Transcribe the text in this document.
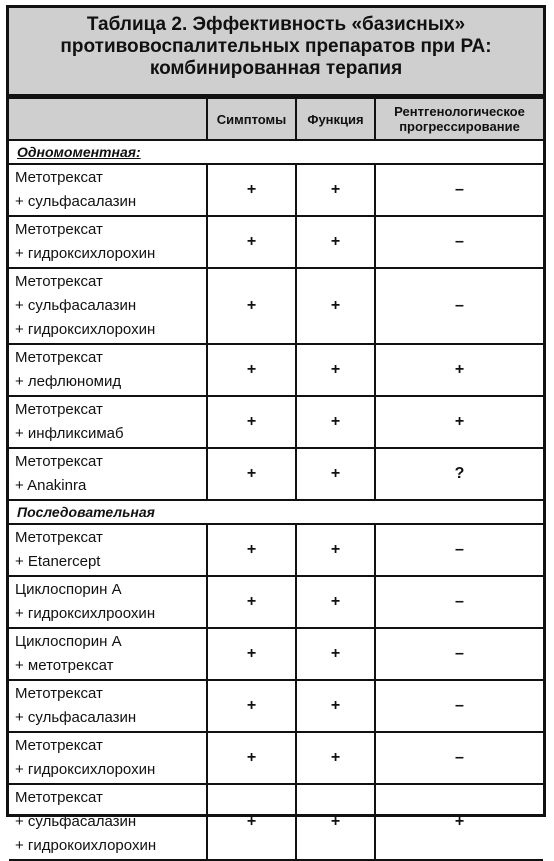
Таблица 2. Эффективность «базисных»
противовоспалительных препаратов при РА:
комбинированная терапия
	Симптомы	Функция	Рентгенологическое прогрессирование
Одномоментная:			

Метотрексат
+ сульфасалазин	+	+	–

Метотрексат
+ гидроксихлорохин	+	+	–

Метотрексат
+ сульфасалазин
+ гидроксихлорохин	+	+	–

Метотрексат
+ лефлюномид	+	+	+

Метотрексат
+ инфликсимаб	+	+	+

Метотрексат
+ Anakinra	+	+	?
Последовательная			

Метотрексат
+ Etanercept	+	+	–

Циклоспорин А
+ гидроксихлроохин	+	+	–

Циклоспорин А
+ метотрексат	+	+	–

Метотрексат
+ сульфасалазин	+	+	–

Метотрексат
+ гидроксихлорохин	+	+	–

Метотрексат
+ сульфасалазин
+ гидрокоихлорохин	+	+	+
